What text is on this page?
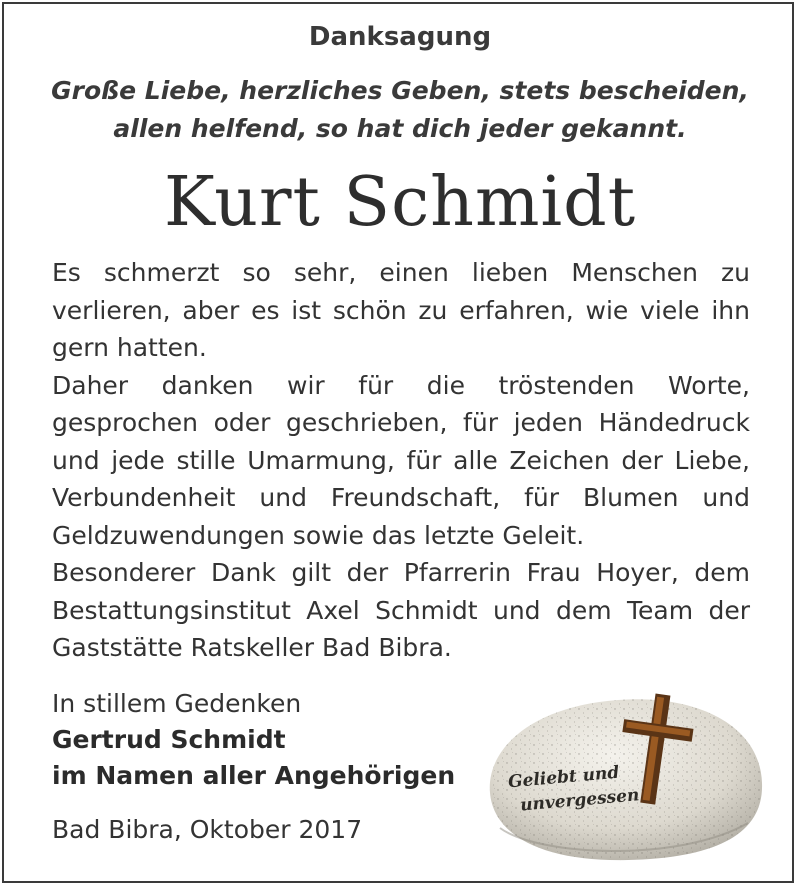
Danksagung
Große Liebe, herzliches Geben, stets bescheiden,
allen helfend, so hat dich jeder gekannt.
Kurt Schmidt

Es schmerzt so sehr, einen lieben Menschen zu verlieren, aber es ist schön zu erfahren, wie viele ihn gern hatten.

Daher danken wir für die tröstenden Worte, gesprochen oder geschrieben, für jeden Händedruck und jede stille Umarmung, für alle Zeichen der Liebe, Verbundenheit und Freundschaft, für Blumen und Geldzuwendungen sowie das letzte Geleit.

Besonderer Dank gilt der Pfarrerin Frau Hoyer, dem Bestattungsinstitut Axel Schmidt und dem Team der Gaststätte Ratskeller Bad Bibra.

In stillem Gedenken
Gertrud Schmidt
im Namen aller Angehörigen
Bad Bibra, Oktober 2017
Geliebt und
unvergessen
